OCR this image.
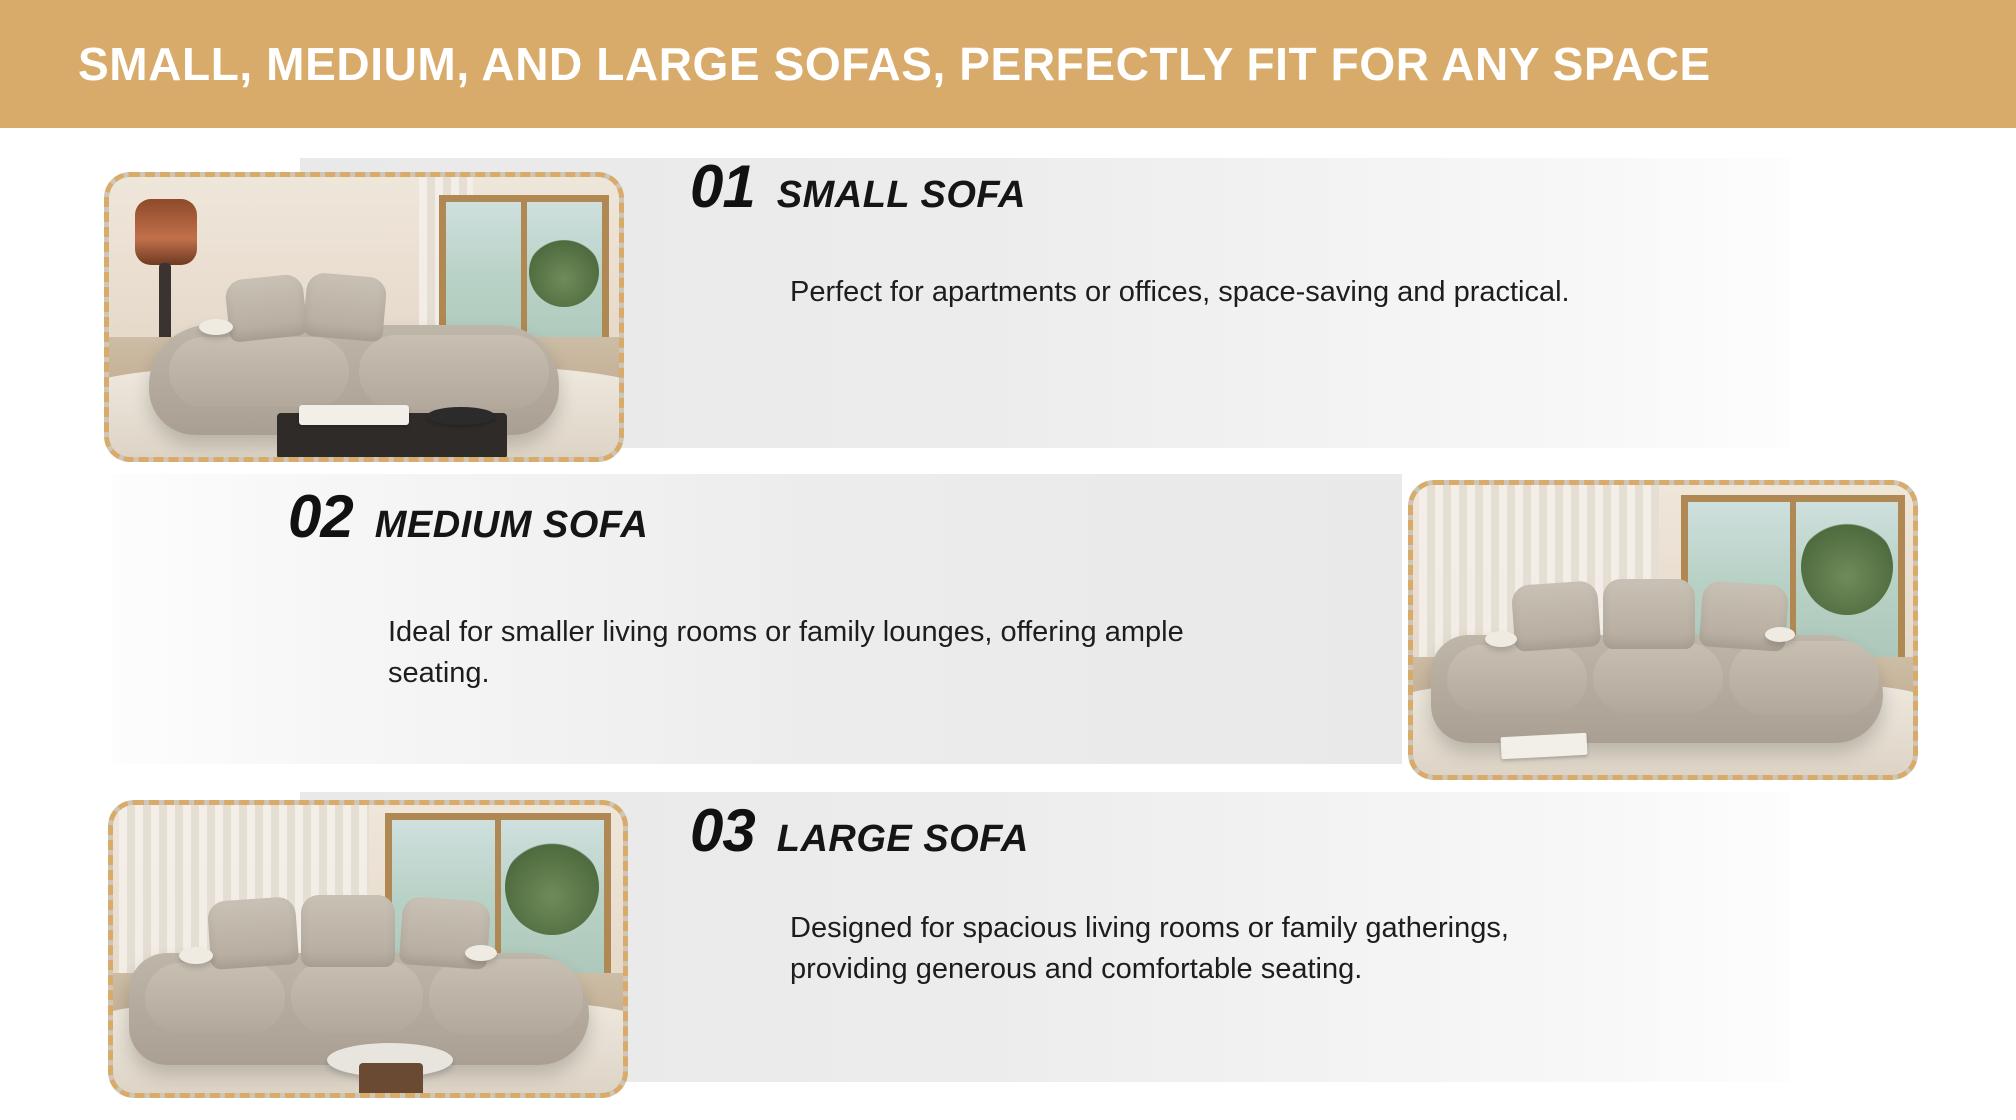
SMALL, MEDIUM, AND LARGE SOFAS, PERFECTLY FIT FOR ANY SPACE
01 SMALL SOFA
Perfect for apartments or offices, space-saving and practical.
02 MEDIUM SOFA
Ideal for smaller living rooms or family lounges, offering ample seating.
03 LARGE SOFA
Designed for spacious living rooms or family gatherings, providing generous and comfortable seating.
